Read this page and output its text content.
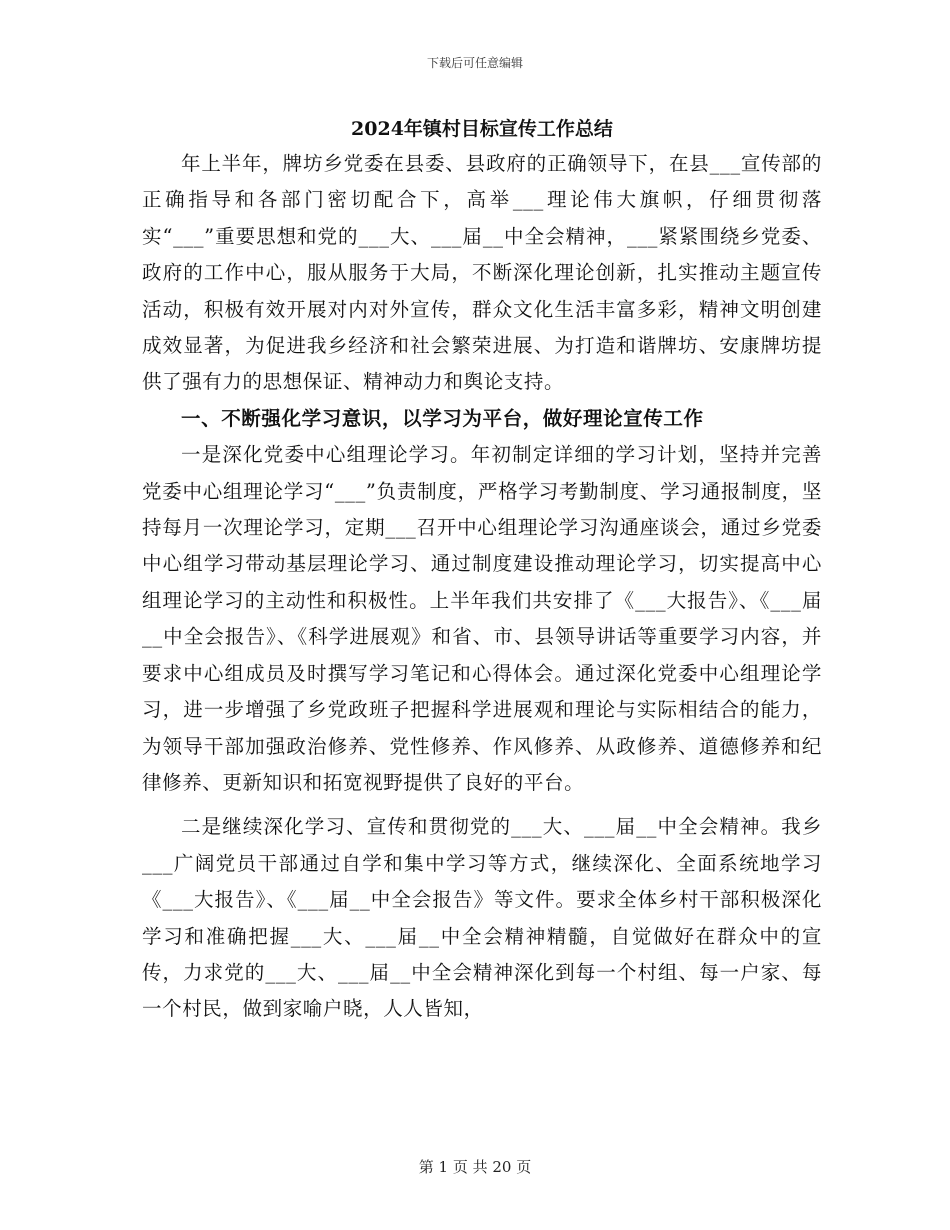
下载后可任意编辑
2024年镇村目标宣传工作总结

年上半年，牌坊乡党委在县委、县政府的正确领导下，在县___宣传部的正确指导和各部门密切配合下，高举___理论伟大旗帜，仔细贯彻落实“___”重要思想和党的___大、___届__中全会精神，___紧紧围绕乡党委、政府的工作中心，服从服务于大局，不断深化理论创新，扎实推动主题宣传活动，积极有效开展对内对外宣传，群众文化生活丰富多彩，精神文明创建成效显著，为促进我乡经济和社会繁荣进展、为打造和谐牌坊、安康牌坊提供了强有力的思想保证、精神动力和舆论支持。

一、不断强化学习意识，以学习为平台，做好理论宣传工作

一是深化党委中心组理论学习。年初制定详细的学习计划，坚持并完善党委中心组理论学习“___”负责制度，严格学习考勤制度、学习通报制度，坚持每月一次理论学习，定期___召开中心组理论学习沟通座谈会，通过乡党委中心组学习带动基层理论学习、通过制度建设推动理论学习，切实提高中心组理论学习的主动性和积极性。上半年我们共安排了《___大报告》、《___届__中全会报告》、《科学进展观》和省、市、县领导讲话等重要学习内容，并要求中心组成员及时撰写学习笔记和心得体会。通过深化党委中心组理论学习，进一步增强了乡党政班子把握科学进展观和理论与实际相结合的能力，为领导干部加强政治修养、党性修养、作风修养、从政修养、道德修养和纪律修养、更新知识和拓宽视野提供了良好的平台。

二是继续深化学习、宣传和贯彻党的___大、___届__中全会精神。我乡___广阔党员干部通过自学和集中学习等方式，继续深化、全面系统地学习《___大报告》、《___届__中全会报告》等文件。要求全体乡村干部积极深化学习和准确把握___大、___届__中全会精神精髓，自觉做好在群众中的宣传，力求党的___大、___届__中全会精神深化到每一个村组、每一户家、每一个村民，做到家喻户晓，人人皆知，

第 1 页 共 20 页
